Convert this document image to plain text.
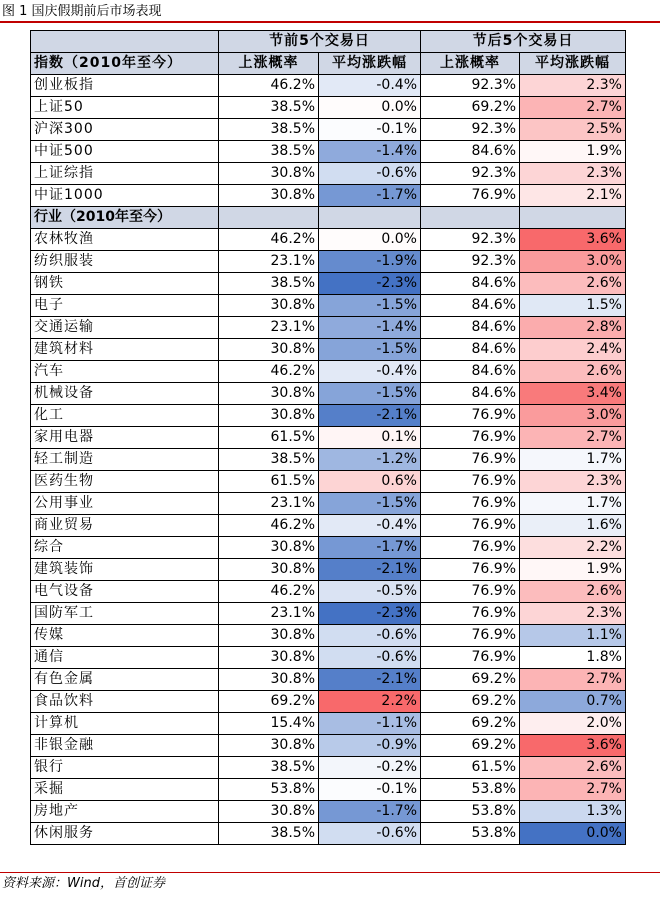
图 1 国庆假期前后市场表现
	节前5个交易日		节后5个交易日	
指数（2010年至今）	上涨概率	平均涨跌幅	上涨概率	平均涨跌幅
创业板指	46.2%	-0.4%	92.3%	2.3%
上证50	38.5%	0.0%	69.2%	2.7%
沪深300	38.5%	-0.1%	92.3%	2.5%
中证500	38.5%	-1.4%	84.6%	1.9%
上证综指	30.8%	-0.6%	92.3%	2.3%
中证1000	30.8%	-1.7%	76.9%	2.1%
行业（2010年至今）				
农林牧渔	46.2%	0.0%	92.3%	3.6%
纺织服装	23.1%	-1.9%	92.3%	3.0%
钢铁	38.5%	-2.3%	84.6%	2.6%
电子	30.8%	-1.5%	84.6%	1.5%
交通运输	23.1%	-1.4%	84.6%	2.8%
建筑材料	30.8%	-1.5%	84.6%	2.4%
汽车	46.2%	-0.4%	84.6%	2.6%
机械设备	30.8%	-1.5%	84.6%	3.4%
化工	30.8%	-2.1%	76.9%	3.0%
家用电器	61.5%	0.1%	76.9%	2.7%
轻工制造	38.5%	-1.2%	76.9%	1.7%
医药生物	61.5%	0.6%	76.9%	2.3%
公用事业	23.1%	-1.5%	76.9%	1.7%
商业贸易	46.2%	-0.4%	76.9%	1.6%
综合	30.8%	-1.7%	76.9%	2.2%
建筑装饰	30.8%	-2.1%	76.9%	1.9%
电气设备	46.2%	-0.5%	76.9%	2.6%
国防军工	23.1%	-2.3%	76.9%	2.3%
传媒	30.8%	-0.6%	76.9%	1.1%
通信	30.8%	-0.6%	76.9%	1.8%
有色金属	30.8%	-2.1%	69.2%	2.7%
食品饮料	69.2%	2.2%	69.2%	0.7%
计算机	15.4%	-1.1%	69.2%	2.0%
非银金融	30.8%	-0.9%	69.2%	3.6%
银行	38.5%	-0.2%	61.5%	2.6%
采掘	53.8%	-0.1%	53.8%	2.7%
房地产	30.8%	-1.7%	53.8%	1.3%
休闲服务	38.5%	-0.6%	53.8%	0.0%
资料来源：Wind，首创证券
